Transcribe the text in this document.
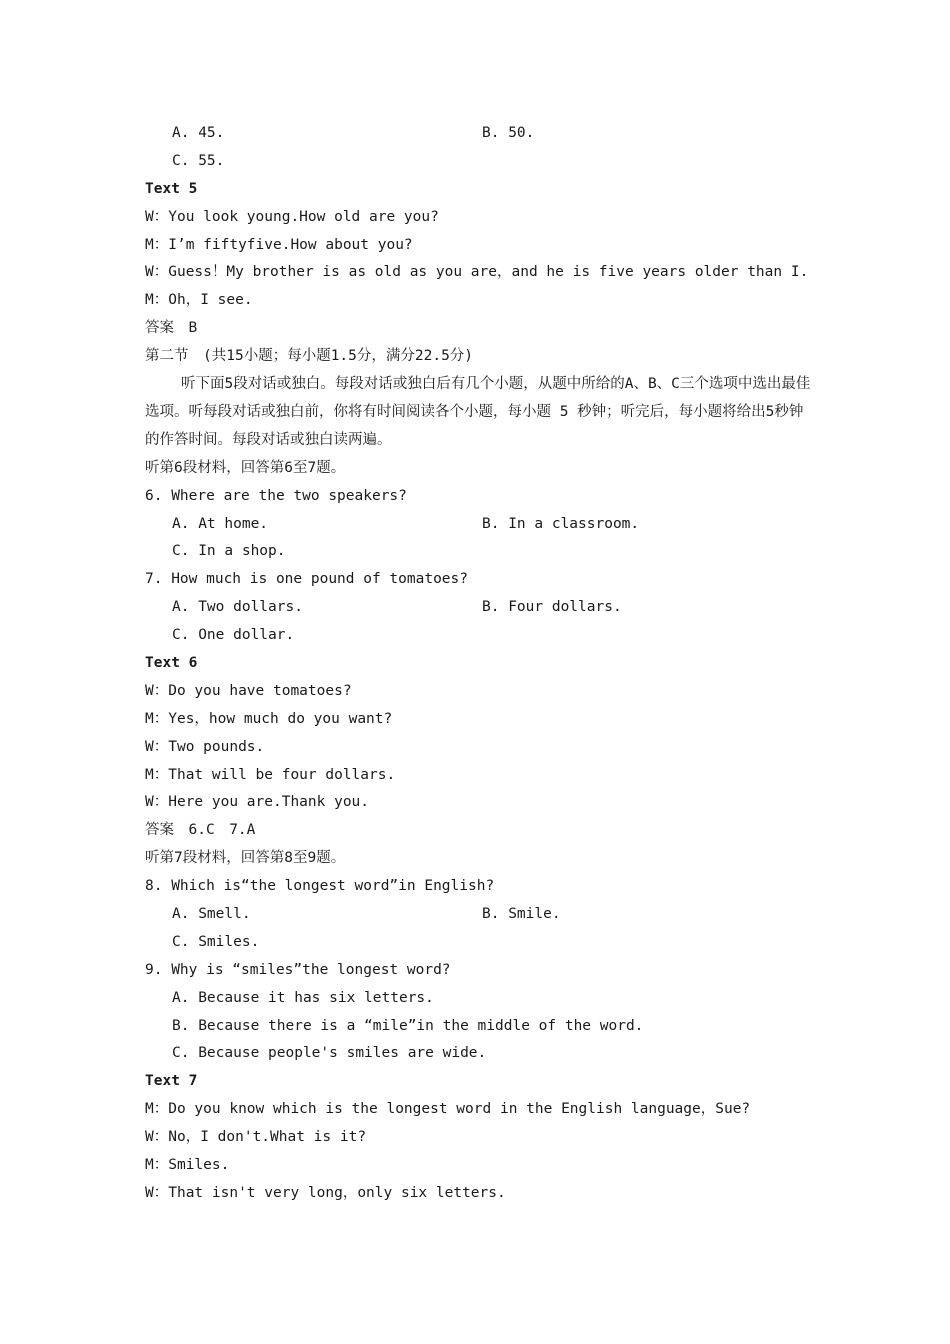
A. 45.	B. 50.
C. 55.
Text 5
W：You look young.How old are you?
M：I’m fiftyfive.How about you?
W：Guess！My brother is as old as you are，and he is five years older than I.
M：Oh，I see.
答案　B
第二节　(共15小题；每小题1.5分，满分22.5分)
听下面5段对话或独白。每段对话或独白后有几个小题，从题中所给的A、B、C三个选项中选出最佳选项。听每段对话或独白前，你将有时间阅读各个小题，每小题 5 秒钟；听完后，每小题将给出5秒钟的作答时间。每段对话或独白读两遍。
听第6段材料，回答第6至7题。
6. Where are the two speakers?
A. At home.	B. In a classroom.
C. In a shop.
7. How much is one pound of tomatoes?
A. Two dollars.	B. Four dollars.
C. One dollar.
Text 6
W：Do you have tomatoes?
M：Yes，how much do you want?
W：Two pounds.
M：That will be four dollars.
W：Here you are.Thank you.
答案　6.C　7.A
听第7段材料，回答第8至9题。
8. Which is“the longest word”in English?
A. Smell.	B. Smile.
C. Smiles.
9. Why is “smiles”the longest word?
A. Because it has six letters.
B. Because there is a “mile”in the middle of the word.
C. Because people's smiles are wide.
Text 7
M：Do you know which is the longest word in the English language，Sue?
W：No，I don't.What is it?
M：Smiles.
W：That isn't very long，only six letters.
